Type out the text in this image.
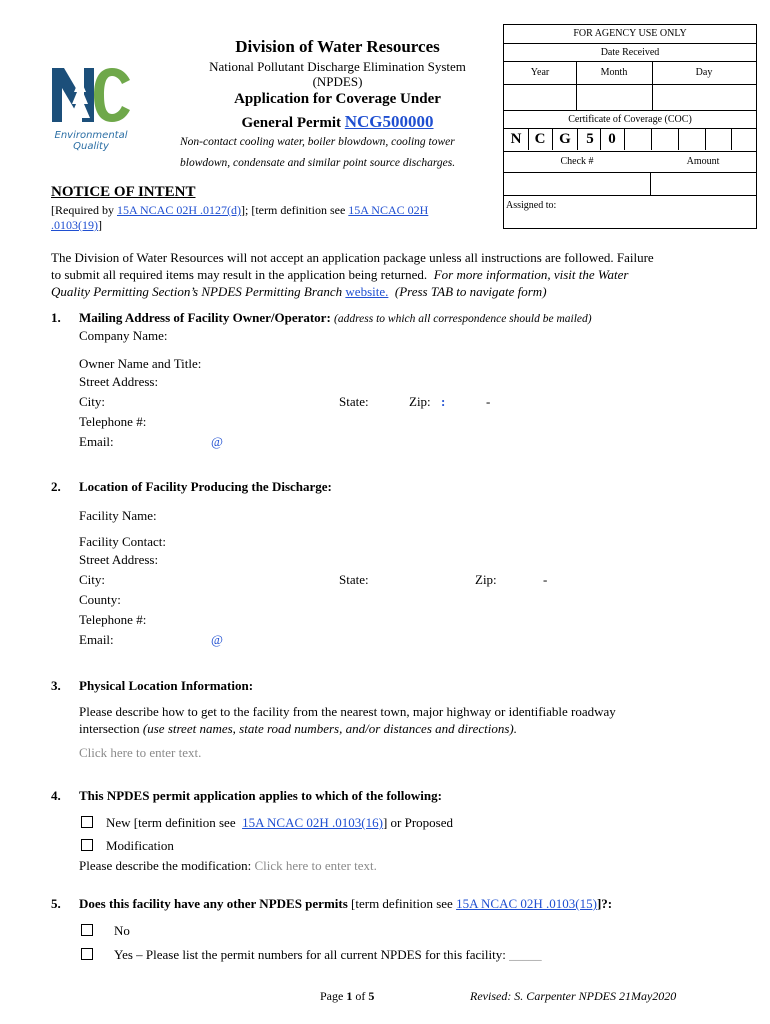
Environmental
Quality
Division of Water Resources
National Pollutant Discharge Elimination System
(NPDES)
Application for Coverage Under
General Permit NCG500000
Non-contact cooling water, boiler blowdown, cooling tower
blowdown, condensate and similar point source discharges.
FOR AGENCY USE ONLY
Date Received
Year	Month	Day
Certificate of Coverage (COC)
N C G	5 0
Check #	Amount
Assigned to:
NOTICE OF INTENT
[Required by 15A NCAC 02H .0127(d)]; [term definition see 15A NCAC 02H
.0103(19)]
The Division of Water Resources will not accept an application package unless all instructions are followed. Failure
to submit all required items may result in the application being returned. For more information, visit the Water
Quality Permitting Section’s NPDES Permitting Branch website. (Press TAB to navigate form)
1. Mailing Address of Facility Owner/Operator: (address to which all correspondence should be mailed)
Company Name:
Owner Name and Title:
Street Address:
City:	State:	Zip: :	-
Telephone #:
Email:	@
2. Location of Facility Producing the Discharge:
Facility Name:
Facility Contact:
Street Address:
City:	State:	Zip:	-
County:
Telephone #:
Email:	@
3. Physical Location Information:
Please describe how to get to the facility from the nearest town, major highway or identifiable roadway
intersection (use street names, state road numbers, and/or distances and directions).
Click here to enter text.
4. This NPDES permit application applies to which of the following:
New [term definition see 15A NCAC 02H .0103(16)] or Proposed
Modification
Please describe the modification: Click here to enter text.
5. Does this facility have any other NPDES permits [term definition see 15A NCAC 02H .0103(15)]?:
No
Yes – Please list the permit numbers for all current NPDES for this facility: _____
Page 1 of 5	Revised: S. Carpenter NPDES 21May2020
